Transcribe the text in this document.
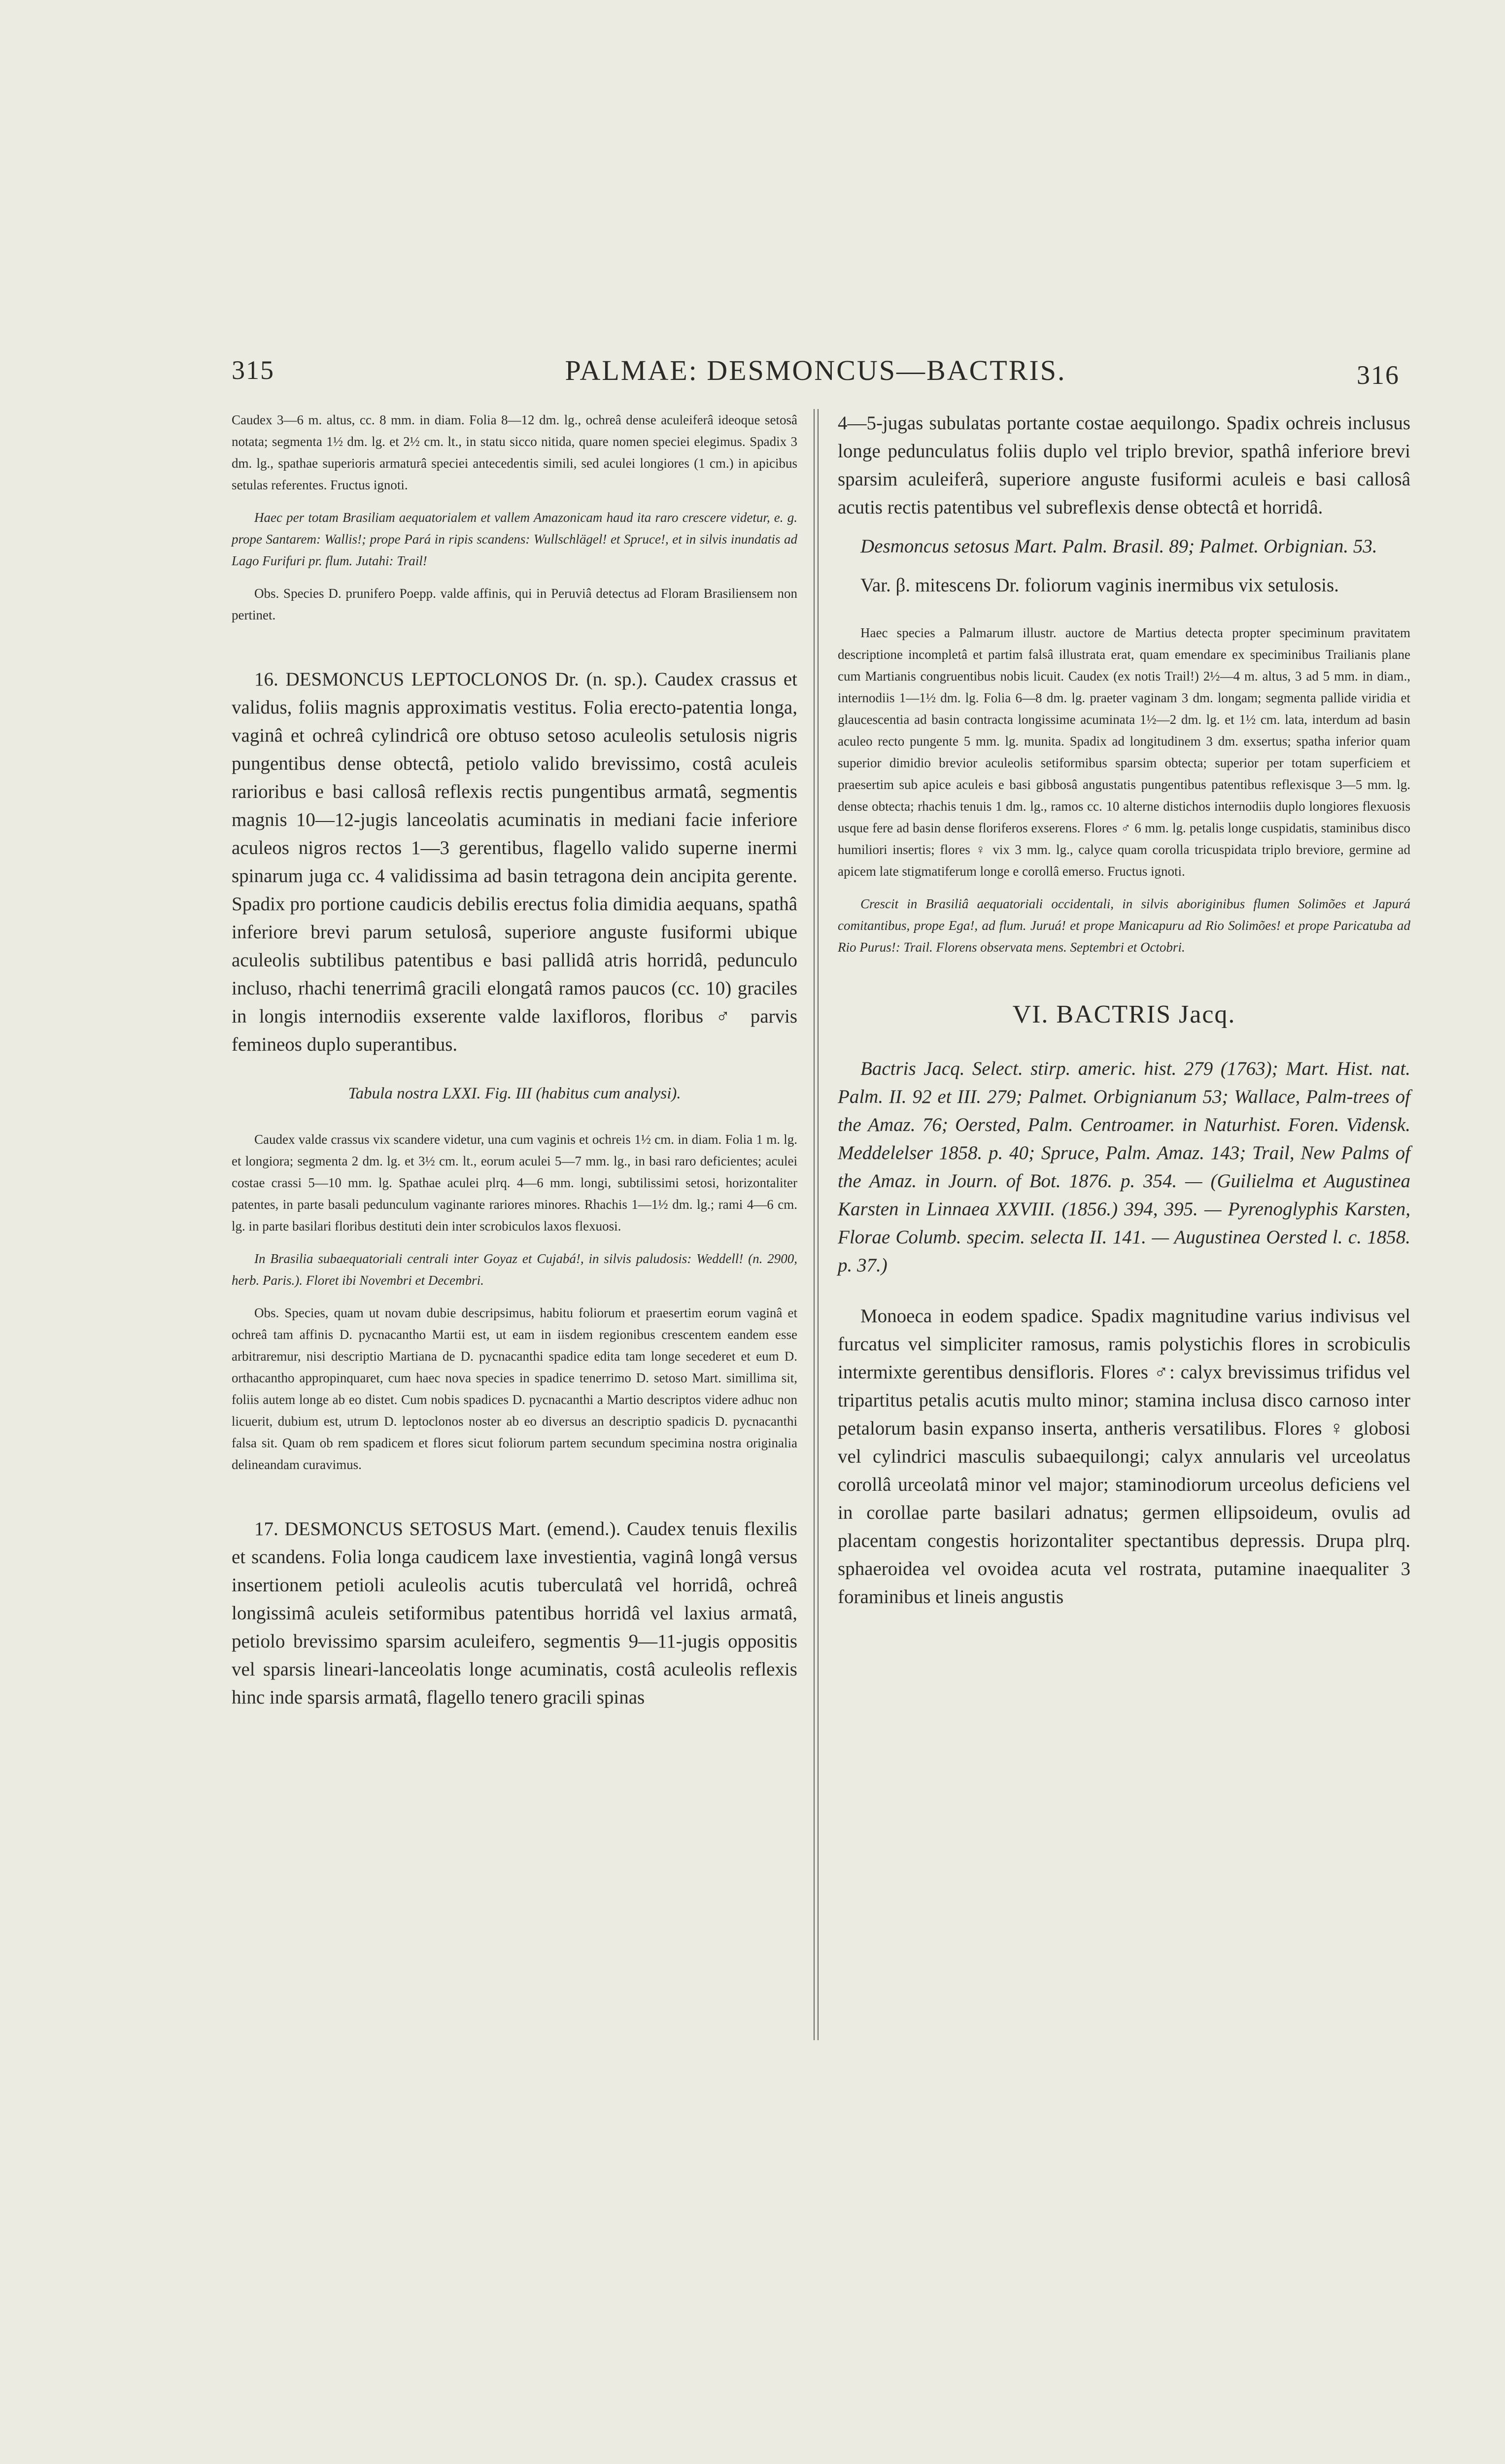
315	PALMAE: DESMONCUS—BACTRIS.	316

Caudex 3—6 m. altus, cc. 8 mm. in diam. Folia 8—12 dm. lg., ochreâ dense aculeiferâ ideoque setosâ notata; segmenta 1½ dm. lg. et 2½ cm. lt., in statu sicco nitida, quare nomen speciei elegimus. Spadix 3 dm. lg., spathae superioris armaturâ speciei antecedentis simili, sed aculei longiores (1 cm.) in apicibus setulas referentes. Fructus ignoti.

Haec per totam Brasiliam aequatorialem et vallem Amazonicam haud ita raro crescere videtur, e. g. prope Santarem: Wallis!; prope Pará in ripis scandens: Wullschlägel! et Spruce!, et in silvis inundatis ad Lago Furifuri pr. flum. Jutahi: Trail!

Obs. Species D. prunifero Poepp. valde affinis, qui in Peruviâ detectus ad Floram Brasiliensem non pertinet.

16. DESMONCUS LEPTOCLONOS Dr. (n. sp.). Caudex crassus et validus, foliis magnis approximatis vestitus. Folia erecto-patentia longa, vaginâ et ochreâ cylindricâ ore obtuso setoso aculeolis setulosis nigris pungentibus dense obtectâ, petiolo valido brevissimo, costâ aculeis rarioribus e basi callosâ reflexis rectis pungentibus armatâ, segmentis magnis 10—12-jugis lanceolatis acuminatis in mediani facie inferiore aculeos nigros rectos 1—3 gerentibus, flagello valido superne inermi spinarum juga cc. 4 validissima ad basin tetragona dein ancipita gerente. Spadix pro portione caudicis debilis erectus folia dimidia aequans, spathâ inferiore brevi parum setulosâ, superiore anguste fusiformi ubique aculeolis subtilibus patentibus e basi pallidâ atris horridâ, pedunculo incluso, rhachi tenerrimâ gracili elongatâ ramos paucos (cc. 10) graciles in longis internodiis exserente valde laxifloros, floribus ♂ parvis femineos duplo superantibus.

Tabula nostra LXXI. Fig. III (habitus cum analysi).

Caudex valde crassus vix scandere videtur, una cum vaginis et ochreis 1½ cm. in diam. Folia 1 m. lg. et longiora; segmenta 2 dm. lg. et 3½ cm. lt., eorum aculei 5—7 mm. lg., in basi raro deficientes; aculei costae crassi 5—10 mm. lg. Spathae aculei plrq. 4—6 mm. longi, subtilissimi setosi, horizontaliter patentes, in parte basali pedunculum vaginante rariores minores. Rhachis 1—1½ dm. lg.; rami 4—6 cm. lg. in parte basilari floribus destituti dein inter scrobiculos laxos flexuosi.

In Brasilia subaequatoriali centrali inter Goyaz et Cujabá!, in silvis paludosis: Weddell! (n. 2900, herb. Paris.). Floret ibi Novembri et Decembri.

Obs. Species, quam ut novam dubie descripsimus, habitu foliorum et praesertim eorum vaginâ et ochreâ tam affinis D. pycnacantho Martii est, ut eam in iisdem regionibus crescentem eandem esse arbitraremur, nisi descriptio Martiana de D. pycnacanthi spadice edita tam longe secederet et eum D. orthacantho appropinquaret, cum haec nova species in spadice tenerrimo D. setoso Mart. simillima sit, foliis autem longe ab eo distet. Cum nobis spadices D. pycnacanthi a Martio descriptos videre adhuc non licuerit, dubium est, utrum D. leptoclonos noster ab eo diversus an descriptio spadicis D. pycnacanthi falsa sit. Quam ob rem spadicem et flores sicut foliorum partem secundum specimina nostra originalia delineandam curavimus.

17. DESMONCUS SETOSUS Mart. (emend.). Caudex tenuis flexilis et scandens. Folia longa caudicem laxe investientia, vaginâ longâ versus insertionem petioli aculeolis acutis tuberculatâ vel horridâ, ochreâ longissimâ aculeis setiformibus patentibus horridâ vel laxius armatâ, petiolo brevissimo sparsim aculeifero, segmentis 9—11-jugis oppositis vel sparsis lineari-lanceolatis longe acuminatis, costâ aculeolis reflexis hinc inde sparsis armatâ, flagello tenero gracili spinas

4—5-jugas subulatas portante costae aequilongo. Spadix ochreis inclusus longe pedunculatus foliis duplo vel triplo brevior, spathâ inferiore brevi sparsim aculeiferâ, superiore anguste fusiformi aculeis e basi callosâ acutis rectis patentibus vel subreflexis dense obtectâ et horridâ.

Desmoncus setosus Mart. Palm. Brasil. 89; Palmet. Orbignian. 53.

Var. β. mitescens Dr. foliorum vaginis inermibus vix setulosis.

Haec species a Palmarum illustr. auctore de Martius detecta propter speciminum pravitatem descriptione incompletâ et partim falsâ illustrata erat, quam emendare ex speciminibus Trailianis plane cum Martianis congruentibus nobis licuit. Caudex (ex notis Trail!) 2½—4 m. altus, 3 ad 5 mm. in diam., internodiis 1—1½ dm. lg. Folia 6—8 dm. lg. praeter vaginam 3 dm. longam; segmenta pallide viridia et glaucescentia ad basin contracta longissime acuminata 1½—2 dm. lg. et 1½ cm. lata, interdum ad basin aculeo recto pungente 5 mm. lg. munita. Spadix ad longitudinem 3 dm. exsertus; spatha inferior quam superior dimidio brevior aculeolis setiformibus sparsim obtecta; superior per totam superficiem et praesertim sub apice aculeis e basi gibbosâ angustatis pungentibus patentibus reflexisque 3—5 mm. lg. dense obtecta; rhachis tenuis 1 dm. lg., ramos cc. 10 alterne distichos internodiis duplo longiores flexuosis usque fere ad basin dense floriferos exserens. Flores ♂ 6 mm. lg. petalis longe cuspidatis, staminibus disco humiliori insertis; flores ♀ vix 3 mm. lg., calyce quam corolla tricuspidata triplo breviore, germine ad apicem late stigmatiferum longe e corollâ emerso. Fructus ignoti.

Crescit in Brasiliâ aequatoriali occidentali, in silvis aboriginibus flumen Solimões et Japurá comitantibus, prope Ega!, ad flum. Juruá! et prope Manicapuru ad Rio Solimões! et prope Paricatuba ad Rio Purus!: Trail. Florens observata mens. Septembri et Octobri.

VI. BACTRIS Jacq.

Bactris Jacq. Select. stirp. americ. hist. 279 (1763); Mart. Hist. nat. Palm. II. 92 et III. 279; Palmet. Orbignianum 53; Wallace, Palm-trees of the Amaz. 76; Oersted, Palm. Centroamer. in Naturhist. Foren. Vidensk. Meddelelser 1858. p. 40; Spruce, Palm. Amaz. 143; Trail, New Palms of the Amaz. in Journ. of Bot. 1876. p. 354. — (Guilielma et Augustinea Karsten in Linnaea XXVIII. (1856.) 394, 395. — Pyrenoglyphis Karsten, Florae Columb. specim. selecta II. 141. — Augustinea Oersted l. c. 1858. p. 37.)

Monoeca in eodem spadice. Spadix magnitudine varius indivisus vel furcatus vel simpliciter ramosus, ramis polystichis flores in scrobiculis intermixte gerentibus densifloris. Flores ♂: calyx brevissimus trifidus vel tripartitus petalis acutis multo minor; stamina inclusa disco carnoso inter petalorum basin expanso inserta, antheris versatilibus. Flores ♀ globosi vel cylindrici masculis subaequilongi; calyx annularis vel urceolatus corollâ urceolatâ minor vel major; staminodiorum urceolus deficiens vel in corollae parte basilari adnatus; germen ellipsoideum, ovulis ad placentam congestis horizontaliter spectantibus depressis. Drupa plrq. sphaeroidea vel ovoidea acuta vel rostrata, putamine inaequaliter 3 foraminibus et lineis angustis
